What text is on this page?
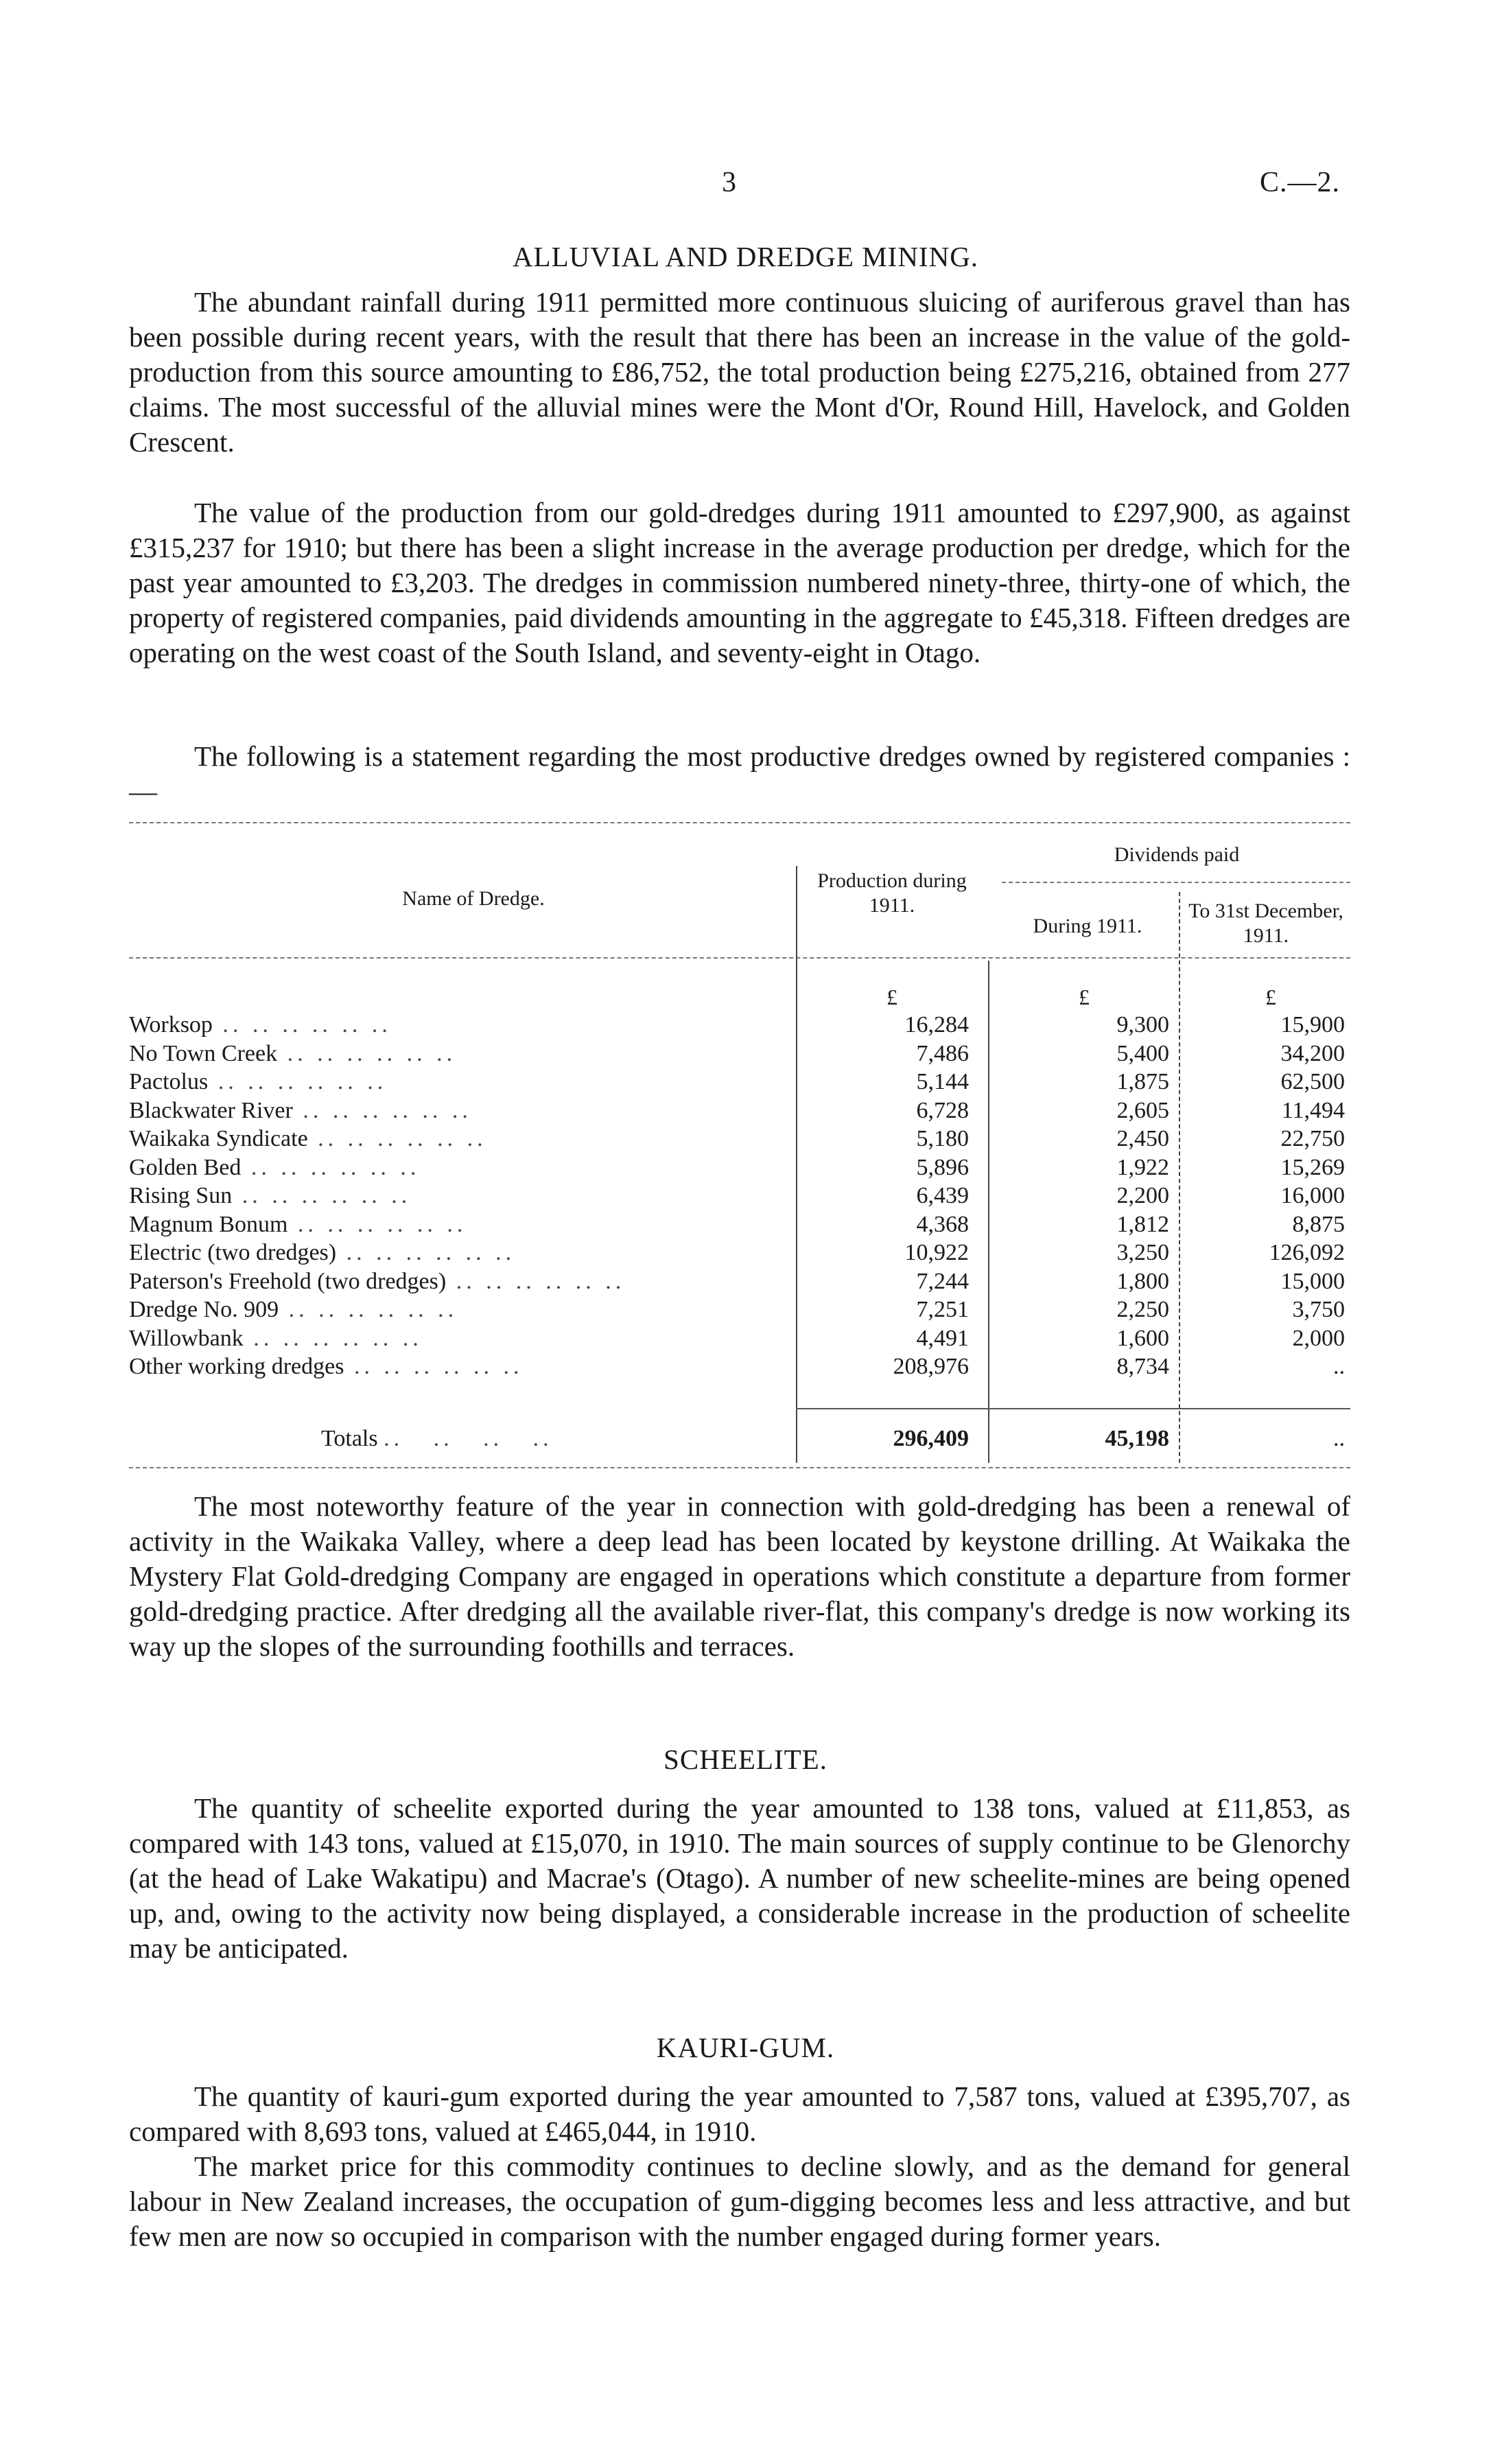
3	C.—2.
ALLUVIAL AND DREDGE MINING.

The abundant rainfall during 1911 permitted more continuous sluicing of auriferous gravel than has been possible during recent years, with the result that there has been an increase in the value of the gold-production from this source amounting to £86,752, the total production being £275,216, obtained from 277 claims. The most successful of the alluvial mines were the Mont d'Or, Round Hill, Havelock, and Golden Crescent.

The value of the production from our gold-dredges during 1911 amounted to £297,900, as against £315,237 for 1910; but there has been a slight increase in the average production per dredge, which for the past year amounted to £3,203. The dredges in commission numbered ninety-three, thirty-one of which, the property of registered companies, paid dividends amounting in the aggregate to £45,318. Fifteen dredges are operating on the west coast of the South Island, and seventy-eight in Otago.

The following is a statement regarding the most productive dredges owned by registered companies :—

Name of Dredge.
Production during 1911.
Dividends paid
During 1911.
To 31st December, 1911.
£	£	£
Worksop .. .. .. .. .. ..	16,284	9,300	15,900
No Town Creek .. .. .. .. .. ..	7,486	5,400	34,200
Pactolus .. .. .. .. .. ..	5,144	1,875	62,500
Blackwater River .. .. .. .. .. ..	6,728	2,605	11,494
Waikaka Syndicate .. .. .. .. .. ..	5,180	2,450	22,750
Golden Bed .. .. .. .. .. ..	5,896	1,922	15,269
Rising Sun .. .. .. .. .. ..	6,439	2,200	16,000
Magnum Bonum .. .. .. .. .. ..	4,368	1,812	8,875
Electric (two dredges) .. .. .. .. .. ..	10,922	3,250	126,092
Paterson's Freehold (two dredges) .. .. .. .. .. ..	7,244	1,800	15,000
Dredge No. 909 .. .. .. .. .. ..	7,251	2,250	3,750
Willowbank .. .. .. .. .. ..	4,491	1,600	2,000
Other working dredges .. .. .. .. .. ..	208,976	8,734	..
Totals ..   ..   ..   ..	296,409	45,198	..

The most noteworthy feature of the year in connection with gold-dredging has been a renewal of activity in the Waikaka Valley, where a deep lead has been located by keystone drilling. At Waikaka the Mystery Flat Gold-dredging Company are engaged in operations which constitute a departure from former gold-dredging practice. After dredging all the available river-flat, this company's dredge is now working its way up the slopes of the surrounding foothills and terraces.

SCHEELITE.

The quantity of scheelite exported during the year amounted to 138 tons, valued at £11,853, as compared with 143 tons, valued at £15,070, in 1910. The main sources of supply continue to be Glenorchy (at the head of Lake Wakatipu) and Macrae's (Otago). A number of new scheelite-mines are being opened up, and, owing to the activity now being displayed, a considerable increase in the production of scheelite may be anticipated.

KAURI-GUM.

The quantity of kauri-gum exported during the year amounted to 7,587 tons, valued at £395,707, as compared with 8,693 tons, valued at £465,044, in 1910.

The market price for this commodity continues to decline slowly, and as the demand for general labour in New Zealand increases, the occupation of gum-digging becomes less and less attractive, and but few men are now so occupied in comparison with the number engaged during former years.
